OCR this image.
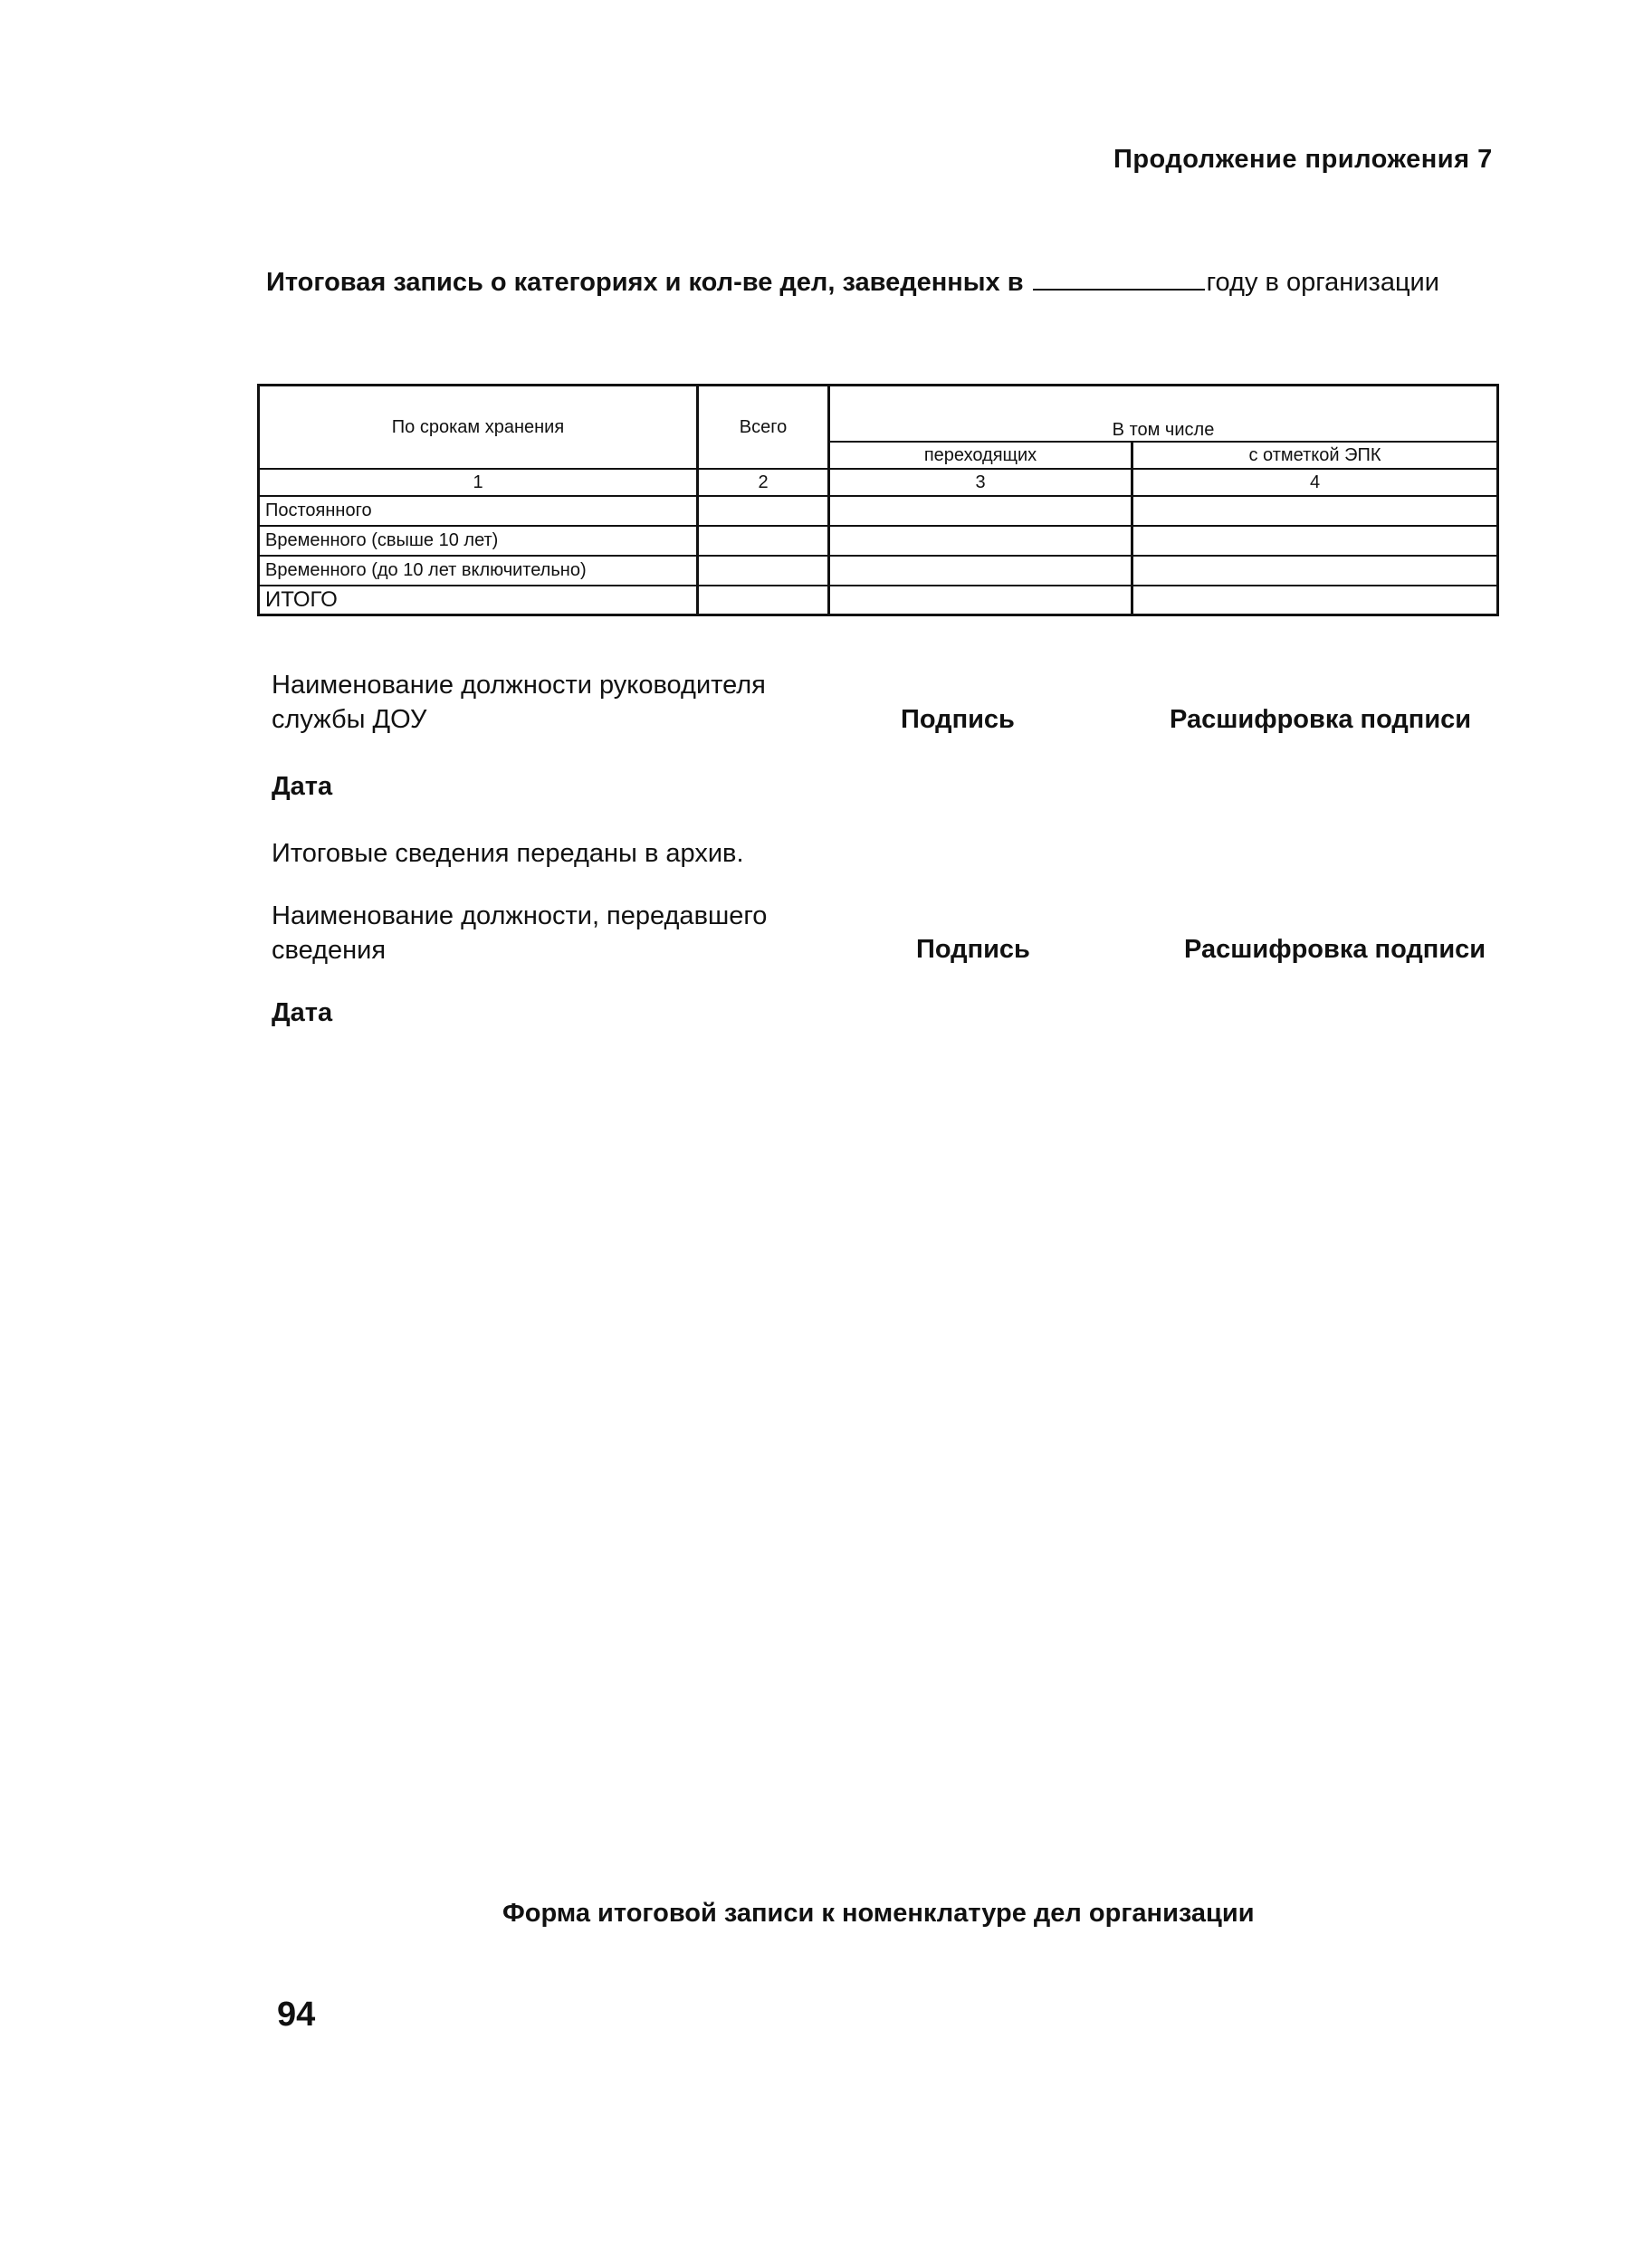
Продолжение приложения 7
Итоговая запись о категориях и кол-ве дел, заведенных в	году в организации
По срокам хранения	Всего	В том числе	
		переходящих	с отметкой ЭПК
1	2	3	4
Постоянного			
Временного (свыше 10 лет)			
Временного (до 10 лет включительно)			
ИТОГО			
Наименование должности руководителя
службы ДОУ	Подпись	Расшифровка подписи
Дата
Итоговые сведения переданы в архив.
Наименование должности, передавшего
сведения	Подпись	Расшифровка подписи
Дата
Форма итоговой записи к номенклатуре дел организации
94
